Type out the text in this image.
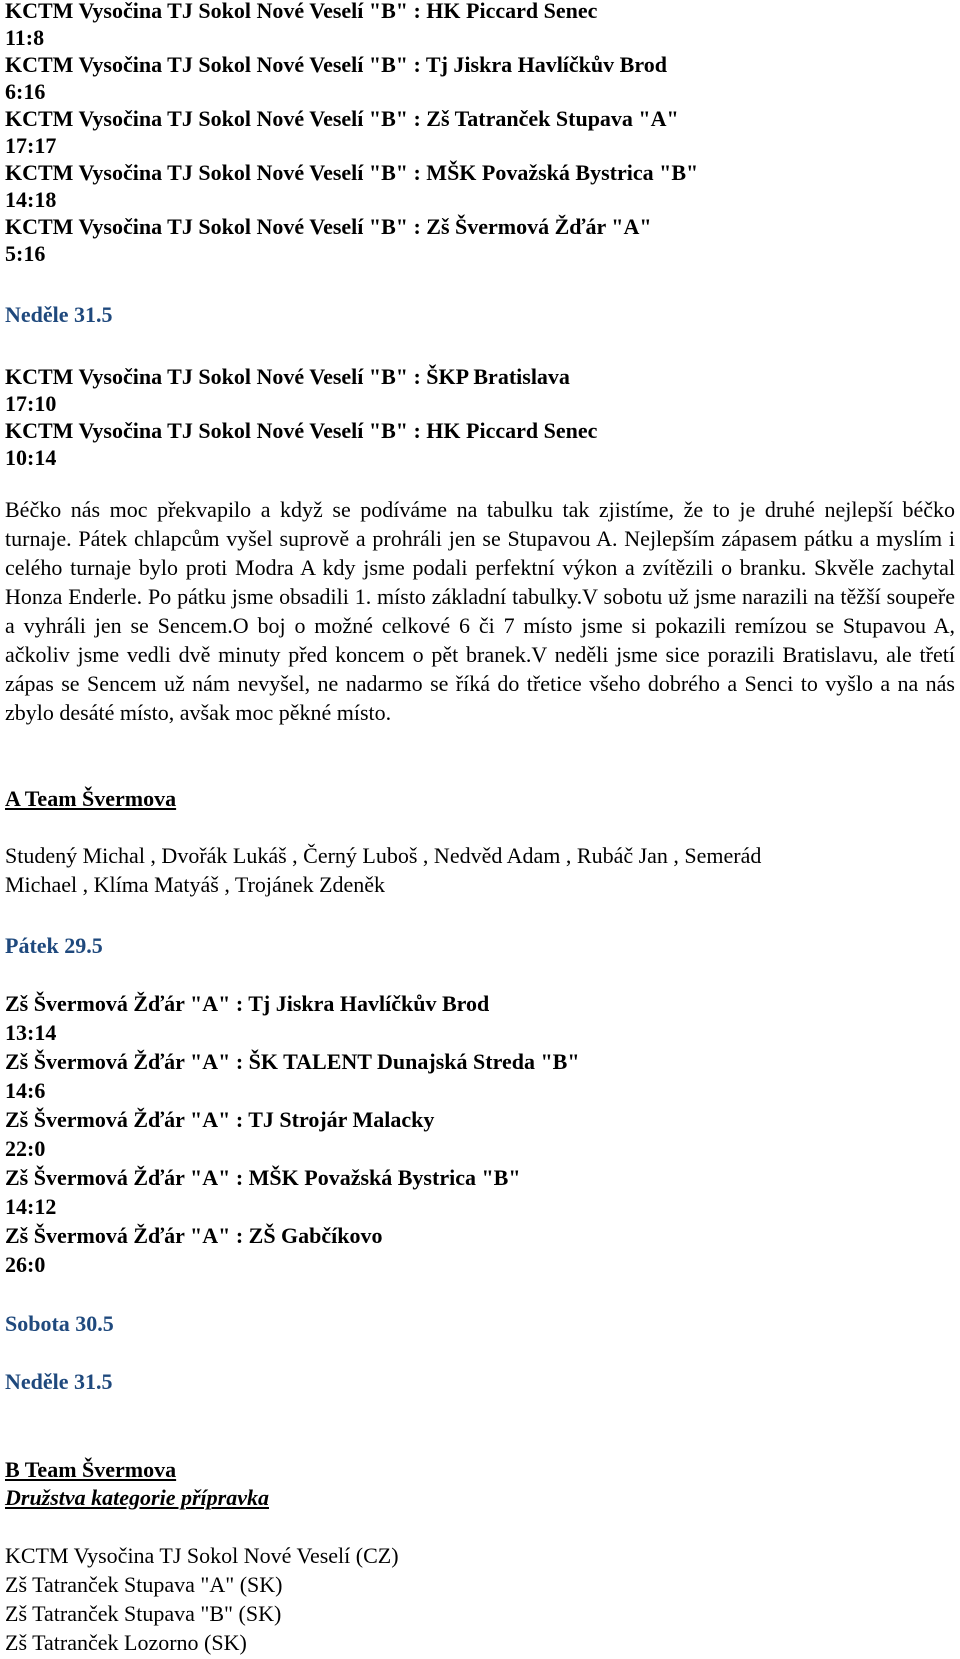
KCTM Vysočina TJ Sokol Nové Veselí "B" : HK Piccard Senec

11:8

KCTM Vysočina TJ Sokol Nové Veselí "B" : Tj Jiskra Havlíčkův Brod

6:16

KCTM Vysočina TJ Sokol Nové Veselí "B" : Zš Tatranček Stupava "A"

17:17

KCTM Vysočina TJ Sokol Nové Veselí "B" : MŠK Považská Bystrica "B"

14:18

KCTM Vysočina TJ Sokol Nové Veselí "B" : Zš Švermová Žďár "A"

5:16

Neděle 31.5

KCTM Vysočina TJ Sokol Nové Veselí "B" : ŠKP Bratislava

17:10

KCTM Vysočina TJ Sokol Nové Veselí "B" : HK Piccard Senec

10:14

Béčko nás moc překvapilo a když se podíváme na tabulku tak zjistíme, že to je druhé nejlepší béčko turnaje. Pátek chlapcům vyšel suprově a prohráli jen se Stupavou A. Nejlepším zápasem pátku a myslím i celého turnaje bylo proti Modra A kdy jsme podali perfektní výkon a zvítězili o branku. Skvěle zachytal Honza Enderle. Po pátku jsme obsadili 1. místo základní tabulky.V sobotu už jsme narazili na těžší soupeře a vyhráli jen se Sencem.O boj o možné celkové 6 či 7 místo jsme si pokazili remízou se Stupavou A, ačkoliv jsme vedli dvě minuty před koncem o pět branek.V neděli jsme sice porazili Bratislavu, ale třetí zápas se Sencem už nám nevyšel, ne nadarmo se říká do třetice všeho dobrého a Senci to vyšlo a na nás zbylo desáté místo, avšak moc pěkné místo.

A Team Švermova

Studený Michal , Dvořák Lukáš , Černý Luboš , Nedvěd Adam , Rubáč Jan , Semerád

Michael , Klíma Matyáš , Trojánek Zdeněk

Pátek 29.5

Zš Švermová Žďár "A" : Tj Jiskra Havlíčkův Brod

13:14

Zš Švermová Žďár "A" : ŠK TALENT Dunajská Streda "B"

14:6

Zš Švermová Žďár "A" : TJ Strojár Malacky

22:0

Zš Švermová Žďár "A" : MŠK Považská Bystrica "B"

14:12

Zš Švermová Žďár "A" : ZŠ Gabčíkovo

26:0

Sobota 30.5

Neděle 31.5

B Team Švermova

Družstva kategorie přípravka

KCTM Vysočina TJ Sokol Nové Veselí (CZ)

Zš Tatranček Stupava "A" (SK)

Zš Tatranček Stupava "B" (SK)

Zš Tatranček Lozorno (SK)
